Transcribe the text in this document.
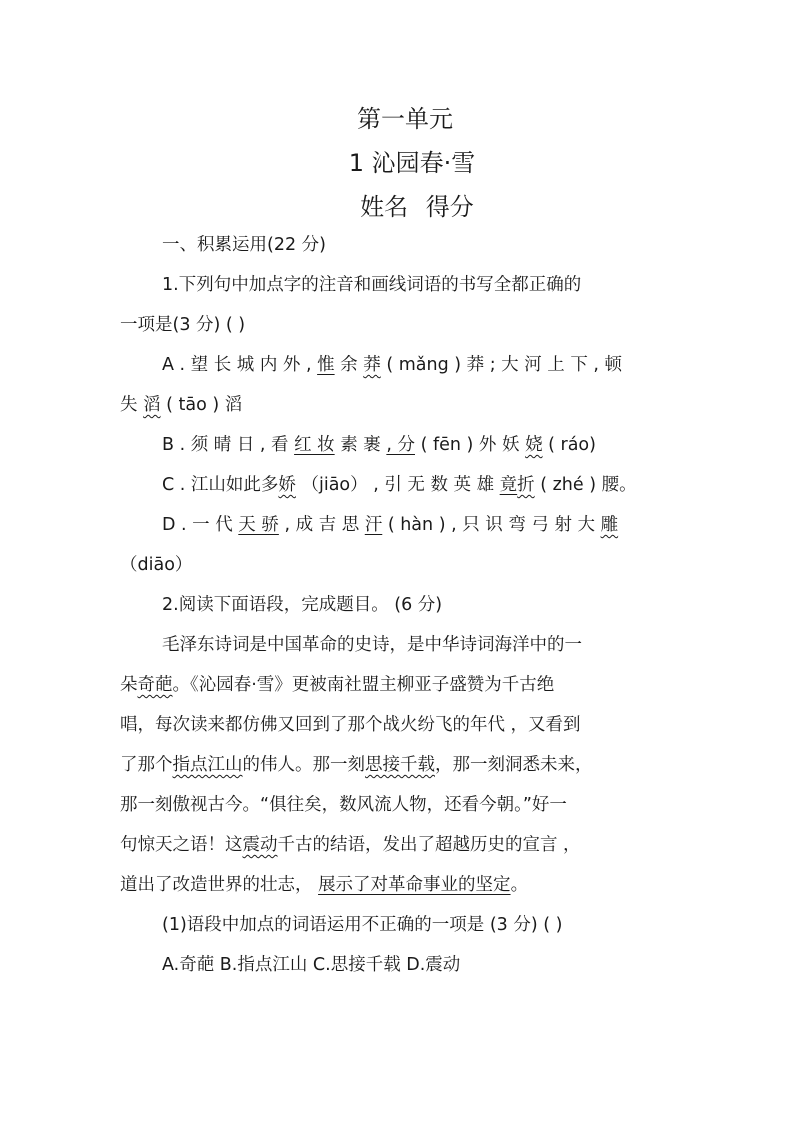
第一单元
1 沁园春·雪
姓名 得分
一、积累运用(22 分)
1.下列句中加点字的注音和画线词语的书写全都正确的
一项是(3 分) ( )
A . 望 长 城 内 外 , 惟 余 莽 ( mǎng ) 莽 ; 大 河 上 下 , 顿
失 滔 ( tāo ) 滔
B . 须 晴 日 , 看 红 妆 素 裹 , 分 ( fēn ) 外 妖 娆 ( ráo)
C . 江山如此多娇 （jiāo） , 引 无 数 英 雄 竟折 ( zhé ) 腰。
D . 一 代 天 骄 , 成 吉 思 汗 ( hàn ) , 只 识 弯 弓 射 大 雕
（diāo）
2.阅读下面语段，完成题目。 (6 分)
毛泽东诗词是中国革命的史诗，是中华诗词海洋中的一
朵奇葩。《沁园春·雪》更被南社盟主柳亚子盛赞为千古绝
唱，每次读来都仿佛又回到了那个战火纷飞的年代 ，又看到
了那个指点江山的伟人。那一刻思接千载，那一刻洞悉未来，
那一刻傲视古今。“俱往矣，数风流人物，还看今朝。”好一
句惊天之语！这震动千古的结语，发出了超越历史的宣言 ，
道出了改造世界的壮志， 展示了对革命事业的坚定。
(1)语段中加点的词语运用不正确的一项是 (3 分) ( )
A.奇葩 B.指点江山 C.思接千载 D.震动
